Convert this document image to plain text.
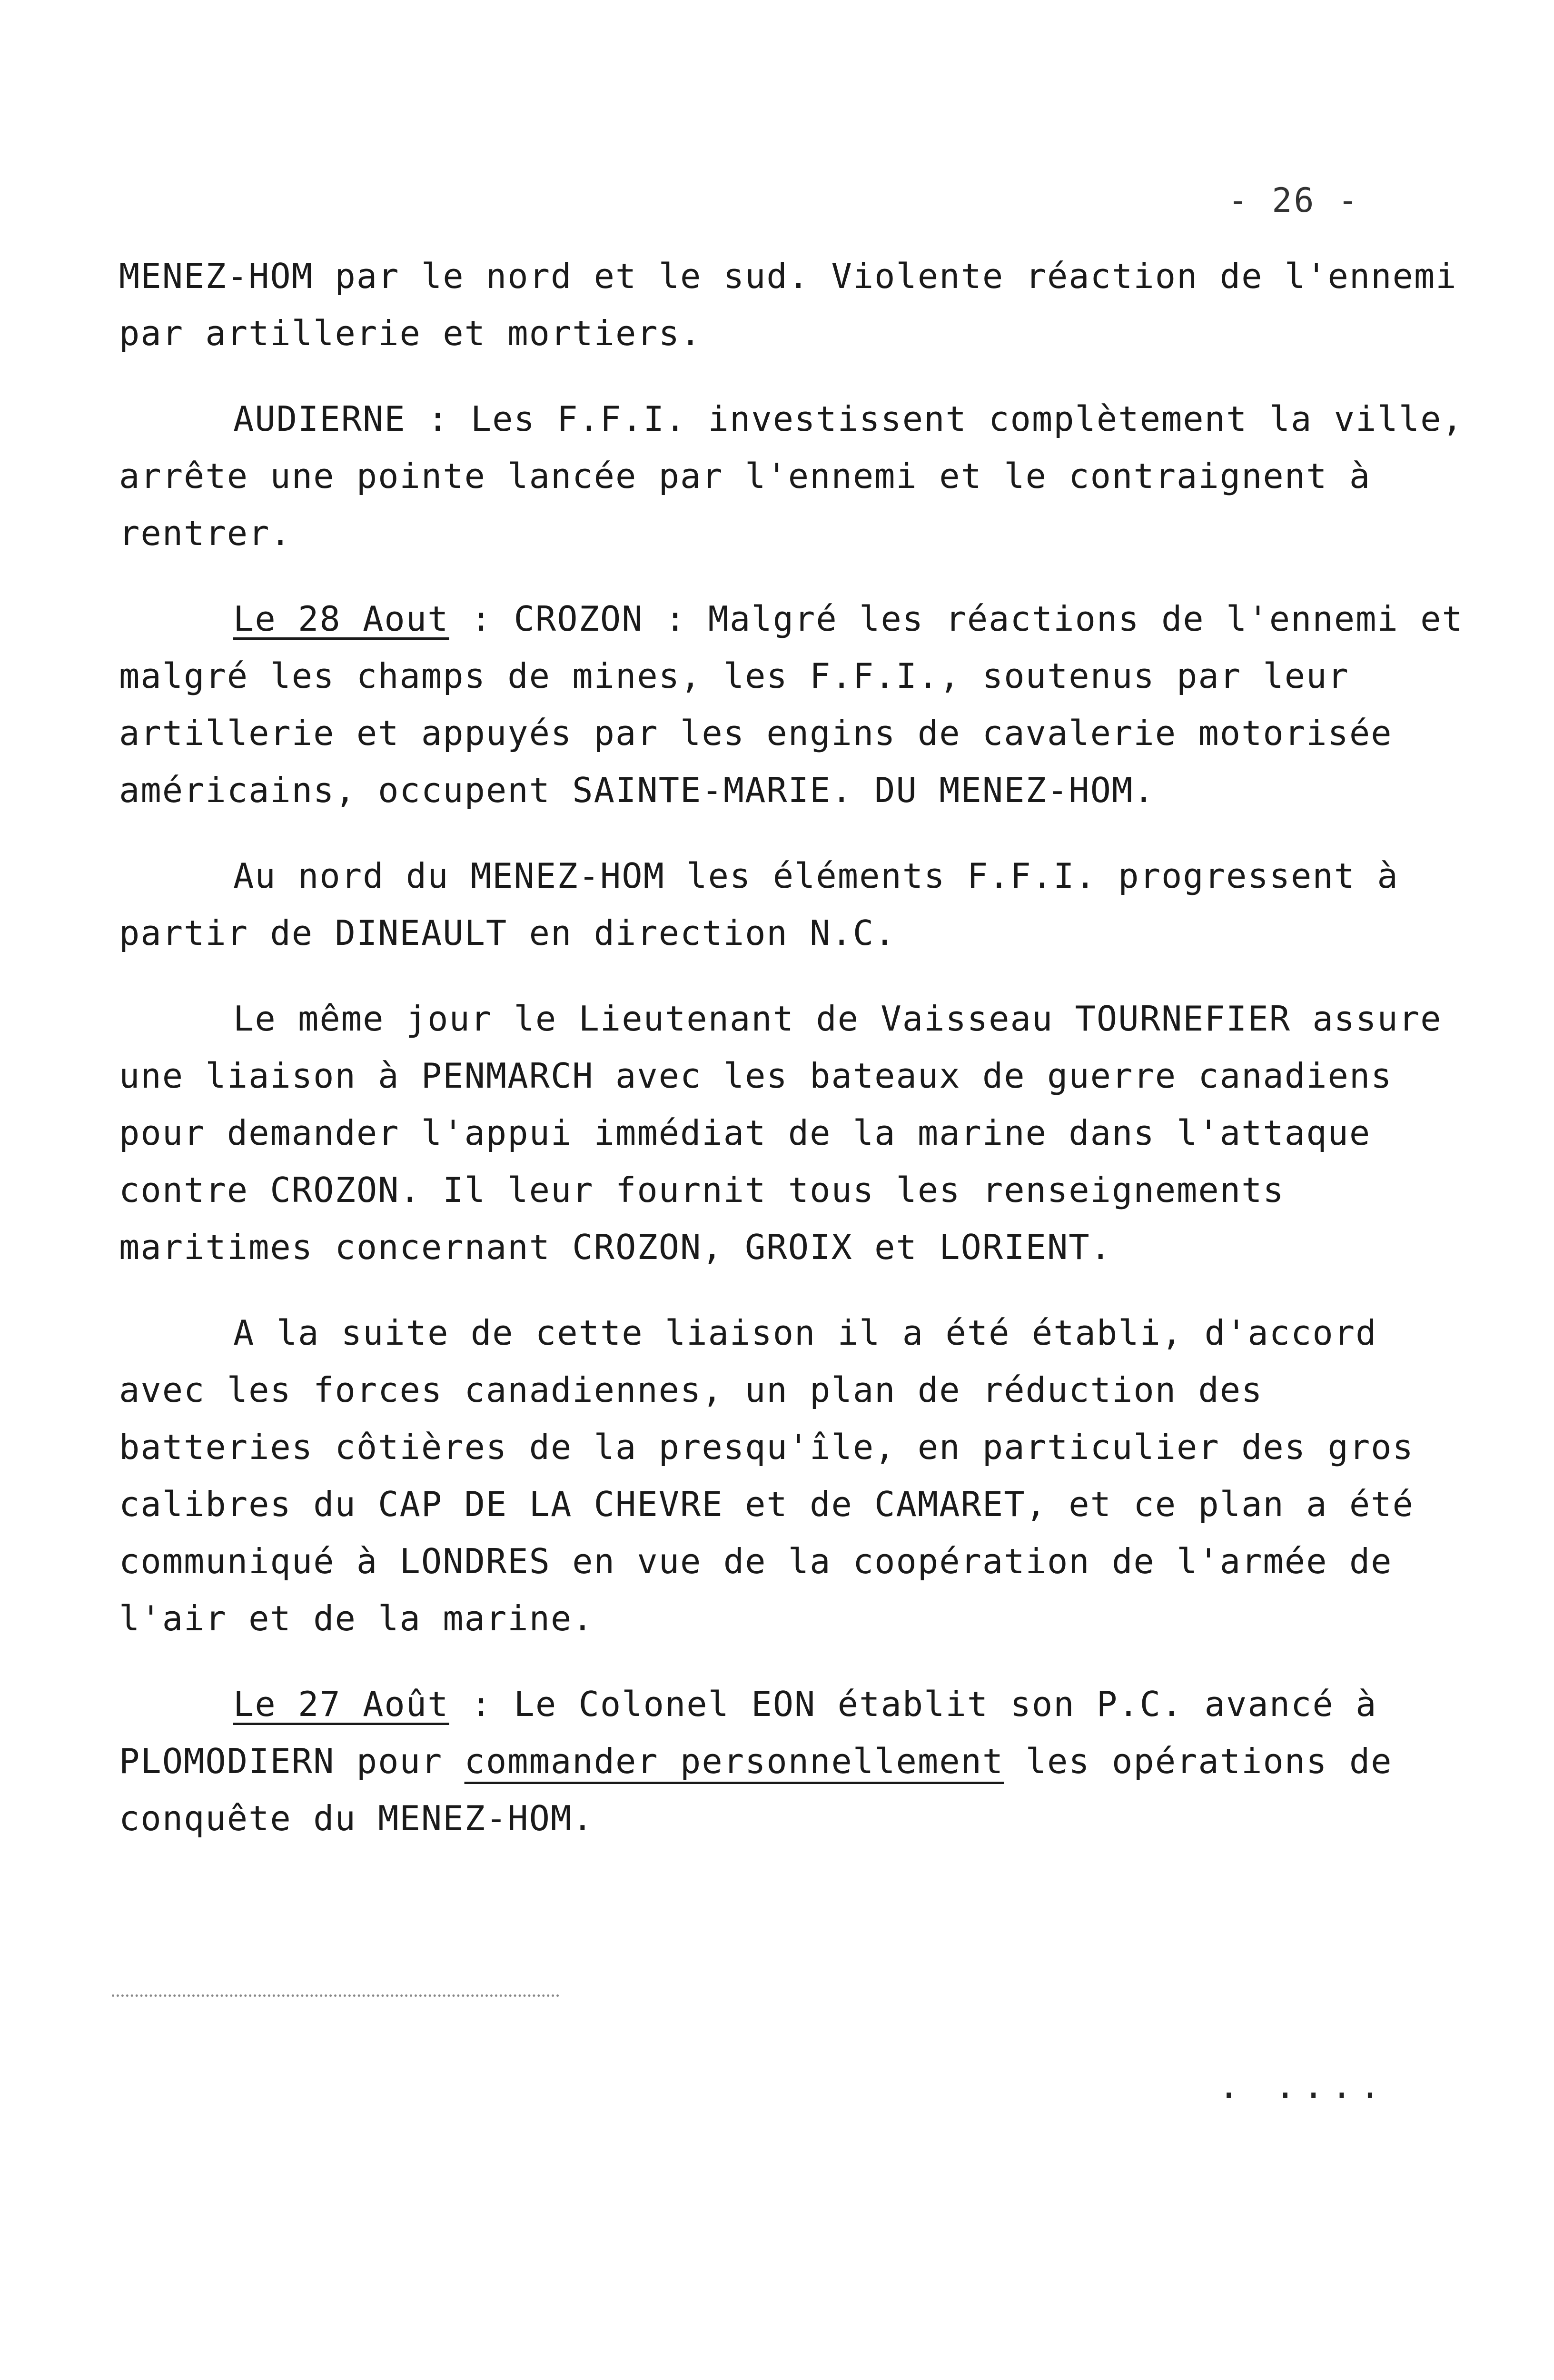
- 26 -

MENEZ-HOM par le nord et le sud. Violente réaction de l'ennemi par artillerie et mortiers.

AUDIERNE : Les F.F.I. investissent complètement la ville, arrête une pointe lancée par l'ennemi et le contraignent à rentrer.

Le 28 Aout : CROZON : Malgré les réactions de l'ennemi et malgré les champs de mines, les F.F.I., soutenus par leur artillerie et appuyés par les engins de cavalerie motorisée américains, occupent SAINTE-MARIE. DU MENEZ-HOM.

Au nord du MENEZ-HOM les éléments F.F.I. progressent à partir de DINEAULT en direction N.C.

Le même jour le Lieutenant de Vaisseau TOURNEFIER assure une liaison à PENMARCH avec les bateaux de guerre canadiens pour demander l'appui immédiat de la marine dans l'attaque contre CROZON. Il leur fournit tous les renseignements maritimes concernant CROZON, GROIX et LORIENT.

A la suite de cette liaison il a été établi, d'accord avec les forces canadiennes, un plan de réduction des batteries côtières de la presqu'île, en particulier des gros calibres du CAP DE LA CHEVRE et de CAMARET, et ce plan a été communiqué à LONDRES en vue de la coopération de l'armée de l'air et de la marine.

Le 27 Août : Le Colonel EON établit son P.C. avancé à PLOMODIERN pour commander personnellement les opérations de conquête du MENEZ-HOM.

. ....
